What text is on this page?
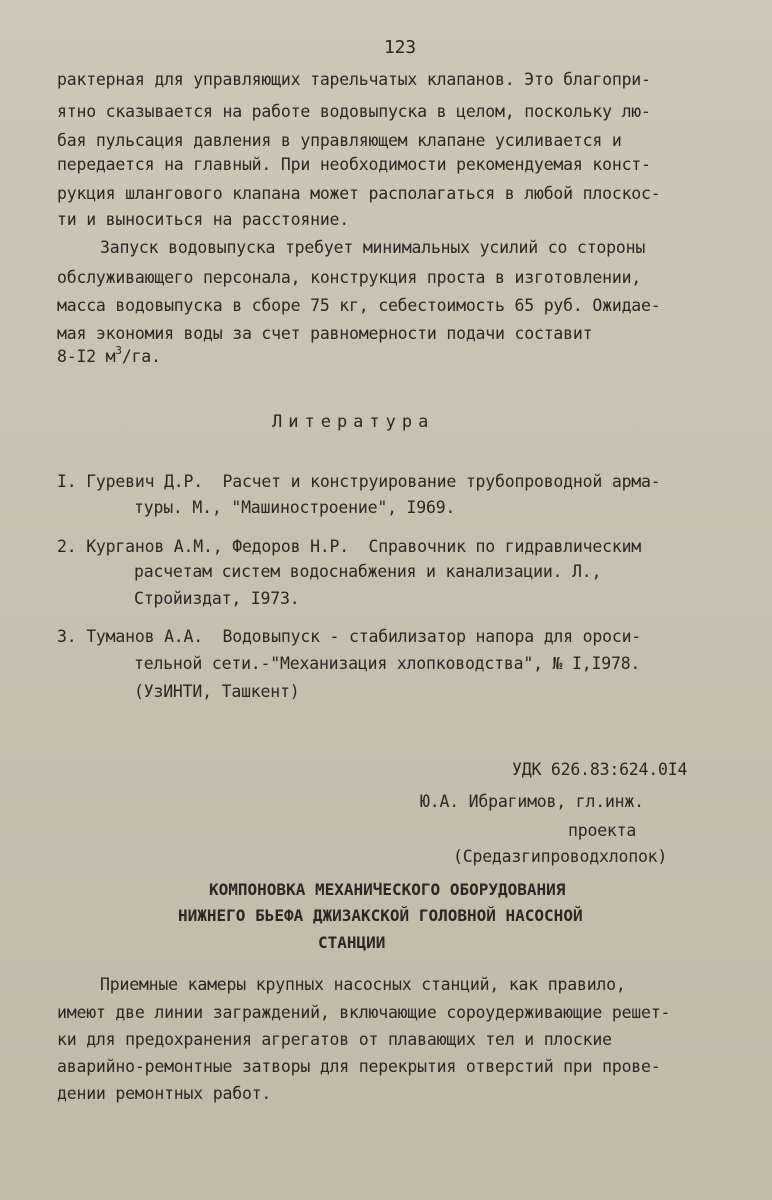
123
рактерная для управляющих тарельчатых клапанов. Это благопри-
ятно сказывается на работе водовыпуска в целом, поскольку лю-
бая пульсация давления в управляющем клапане усиливается и
передается на главный. При необходимости рекомендуемая конст-
рукция шлангового клапана может располагаться в любой плоскос-
ти и выноситься на расстояние.
Запуск водовыпуска требует минимальных усилий со стороны
обслуживающего персонала, конструкция проста в изготовлении,
масса водовыпуска в сборе 75 кг, себестоимость 65 руб. Ожидае-
мая экономия воды за счет равномерности подачи составит
8-I2 $м^3/га$.
Литература
I. Гуревич Д.Р.  Расчет и конструирование трубопроводной арма-
туры. М., "Машиностроение", I969.
2. Курганов А.М., Федоров Н.Р.  Справочник по гидравлическим
расчетам систем водоснабжения и канализации. Л.,
Стройиздат, I973.
3. Туманов А.А.  Водовыпуск - стабилизатор напора для ороси-
тельной сети.-"Механизация хлопководства", № I,I978.
(УзИНТИ, Ташкент)
УДК 626.83:624.0I4
Ю.А. Ибрагимов, гл.инж.
проекта
(Средазгипроводхлопок)
КОМПОНОВКА МЕХАНИЧЕСКОГО ОБОРУДОВАНИЯ
НИЖНЕГО БЬЕФА ДЖИЗАКСКОЙ ГОЛОВНОЙ НАСОСНОЙ
СТАНЦИИ
Приемные камеры крупных насосных станций, как правило,
имеют две линии заграждений, включающие сороудерживающие решет-
ки для предохранения агрегатов от плавающих тел и плоские
аварийно-ремонтные затворы для перекрытия отверстий при прове-
дении ремонтных работ.
